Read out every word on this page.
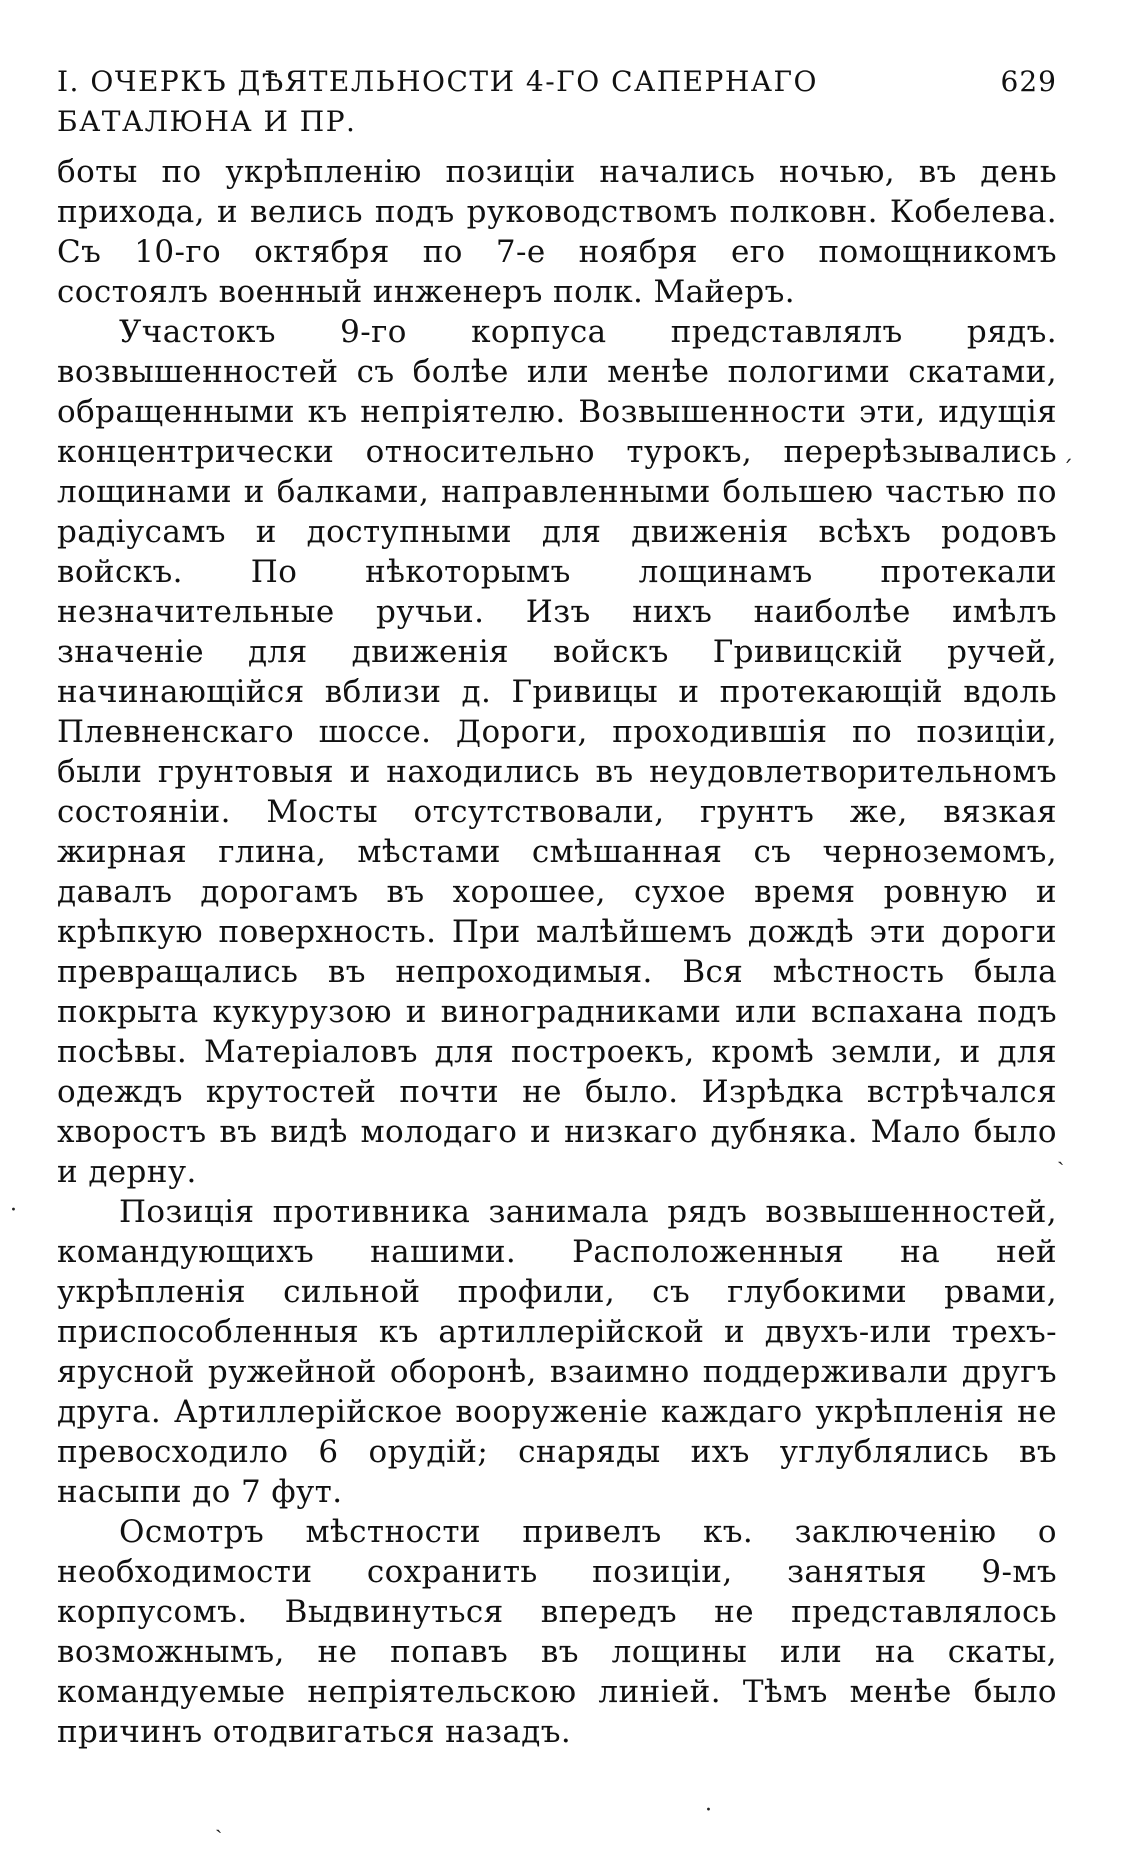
I. ОЧЕРКЪ ДѢЯТЕЛЬНОСТИ 4-ГО САПЕРНАГО БАТАЛЮНА И ПР.
629

боты по укрѣпленію позиціи начались ночью, въ день прихода, и велись подъ руководствомъ полковн. Кобелева. Съ 10-го октября по 7-е ноября его помощникомъ состоялъ военный инженеръ полк. Майеръ.

Участокъ 9-го корпуса представлялъ рядъ. возвышенностей съ болѣе или менѣе пологими скатами, обращенными къ непріятелю. Возвышенности эти, идущія концентрически относительно турокъ, перерѣзывались лощинами и балками, направленными большею частью по радіусамъ и доступными для движенія всѣхъ родовъ войскъ. По нѣкоторымъ лощинамъ протекали незначительные ручьи. Изъ нихъ наиболѣе имѣлъ значеніе для движенія войскъ Гривицскій ручей, начинающійся вблизи д. Гривицы и протекающій вдоль Плевненскаго шоссе. Дороги, проходившія по позиціи, были грунтовыя и находились въ неудовлетворительномъ состояніи. Мосты отсутствовали, грунтъ же, вязкая жирная глина, мѣстами смѣшанная съ черноземомъ, давалъ дорогамъ въ хорошее, сухое время ровную и крѣпкую поверхность. При малѣйшемъ дождѣ эти дороги превращались въ непроходимыя. Вся мѣстность была покрыта кукурузою и виноградниками или вспахана подъ посѣвы. Матеріаловъ для построекъ, кромѣ земли, и для одеждъ крутостей почти не было. Изрѣдка встрѣчался хворостъ въ видѣ молодаго и низкаго дубняка. Мало было и дерну.

Позиція противника занимала рядъ возвышенностей, командующихъ нашими. Расположенныя на ней укрѣпленія сильной профили, съ глубокими рвами, приспособленныя къ артиллерійской и двухъ-или трехъ-ярусной ружейной оборонѣ, взаимно поддерживали другъ друга. Артиллерійское вооруженіе каждаго укрѣпленія не превосходило 6 орудій; снаряды ихъ углублялись въ насыпи до 7 фут.

Осмотръ мѣстности привелъ къ. заключенію о необходимости сохранить позиціи, занятыя 9-мъ корпусомъ. Выдвинуться впередъ не представлялось возможнымъ, не попавъ въ лощины или на скаты, командуемые непріятельскою линіей. Тѣмъ менѣе было причинъ отодвигаться назадъ.

ˊ
ˏ
·
ˎ	·
